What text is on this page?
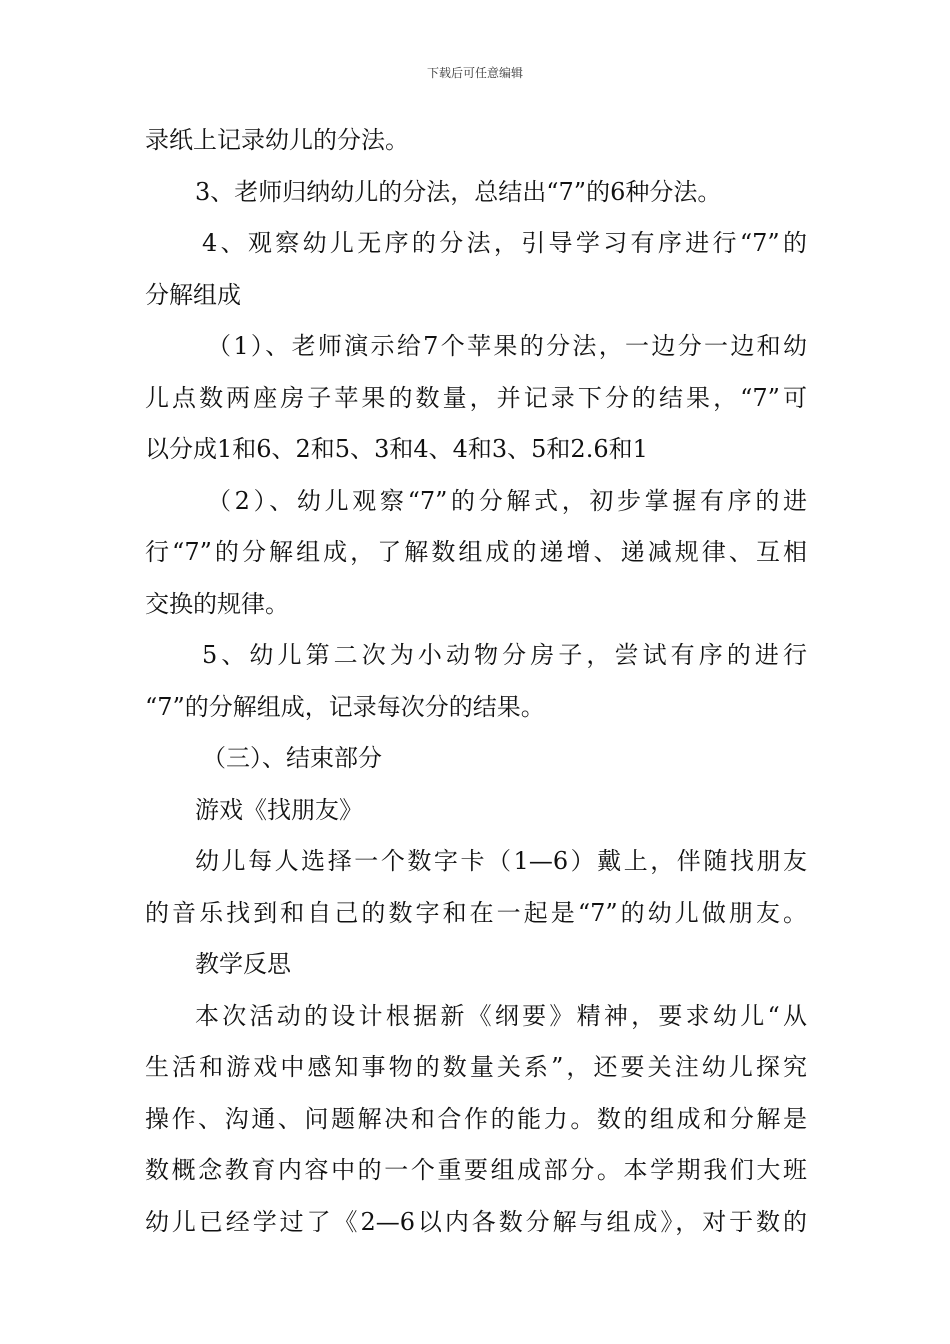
下载后可任意编辑

录纸上记录幼儿的分法。

3、老师归纳幼儿的分法，总结出“7”的6种分法。

4、观察幼儿无序的分法，引导学习有序进行“7”的

分解组成

（1）、老师演示给7个苹果的分法，一边分一边和幼

儿点数两座房子苹果的数量，并记录下分的结果，“7”可

以分成1和6、2和5、3和4、4和3、5和2.6和1

（2）、幼儿观察“7”的分解式，初步掌握有序的进

行“7”的分解组成，了解数组成的递增、递减规律、互相

交换的规律。

5、幼儿第二次为小动物分房子，尝试有序的进行

“7”的分解组成，记录每次分的结果。

（三）、结束部分

游戏《找朋友》

幼儿每人选择一个数字卡（1—6）戴上，伴随找朋友

的音乐找到和自己的数字和在一起是“7”的幼儿做朋友。

教学反思

本次活动的设计根据新《纲要》精神，要求幼儿“从

生活和游戏中感知事物的数量关系”，还要关注幼儿探究

操作、沟通、问题解决和合作的能力。数的组成和分解是

数概念教育内容中的一个重要组成部分。本学期我们大班

幼儿已经学过了《2—6以内各数分解与组成》，对于数的
